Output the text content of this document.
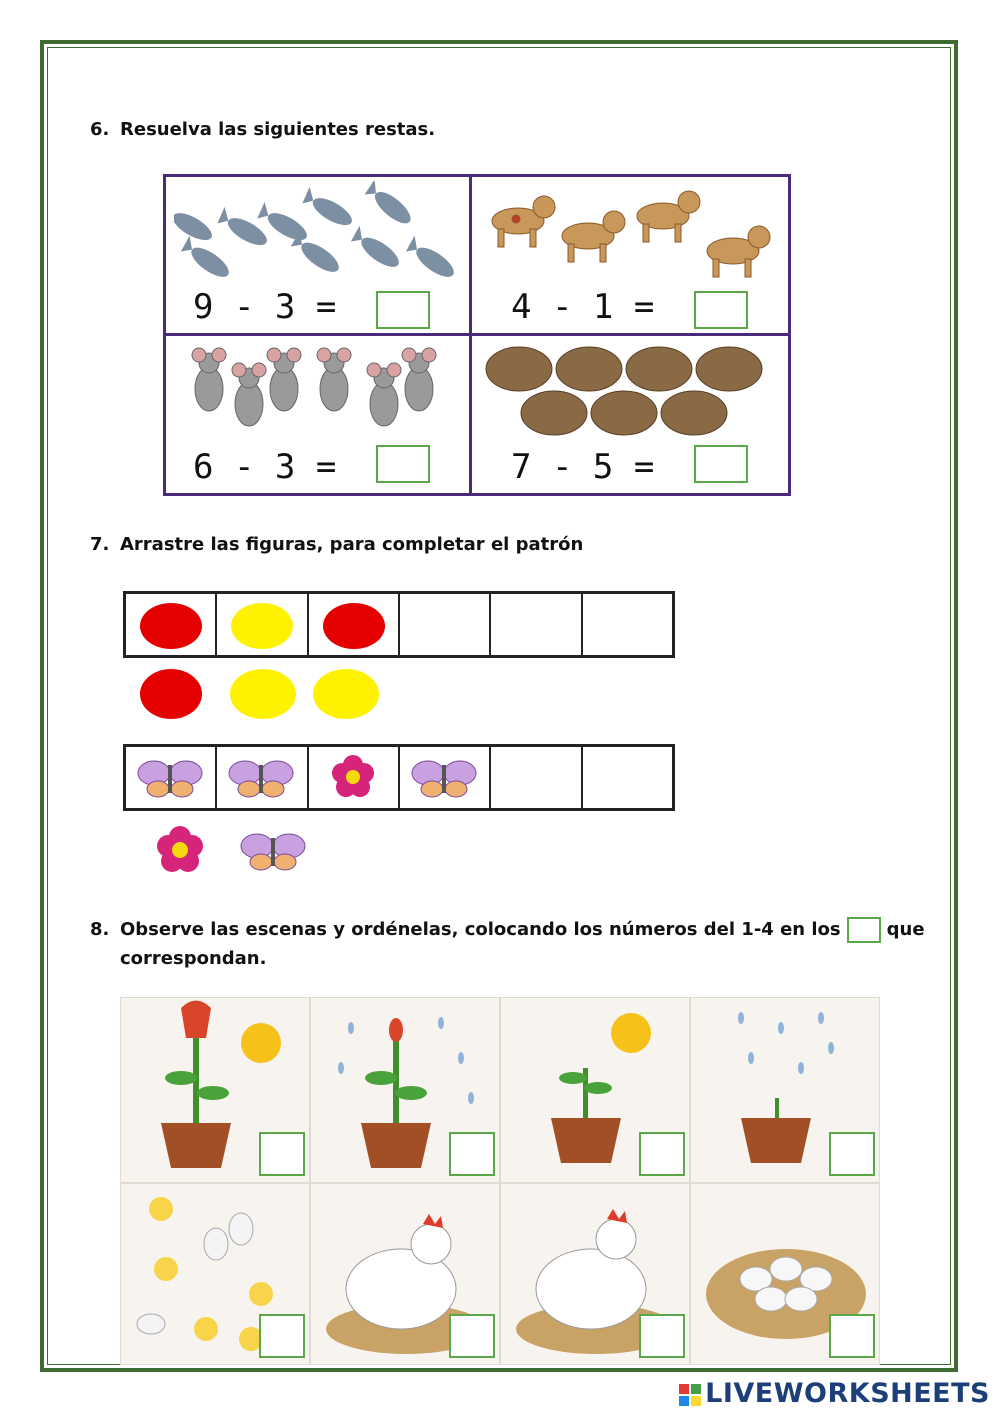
6. Resuelva las siguientes restas.
9 - 3 =	4 - 1 =
6 - 3 =	7 - 5 =
7. Arrastre las figuras, para completar el patrón
8. Observe las escenas y ordénelas, colocando los números del 1-4 en los	que
correspondan.
LIVEWORKSHEETS
